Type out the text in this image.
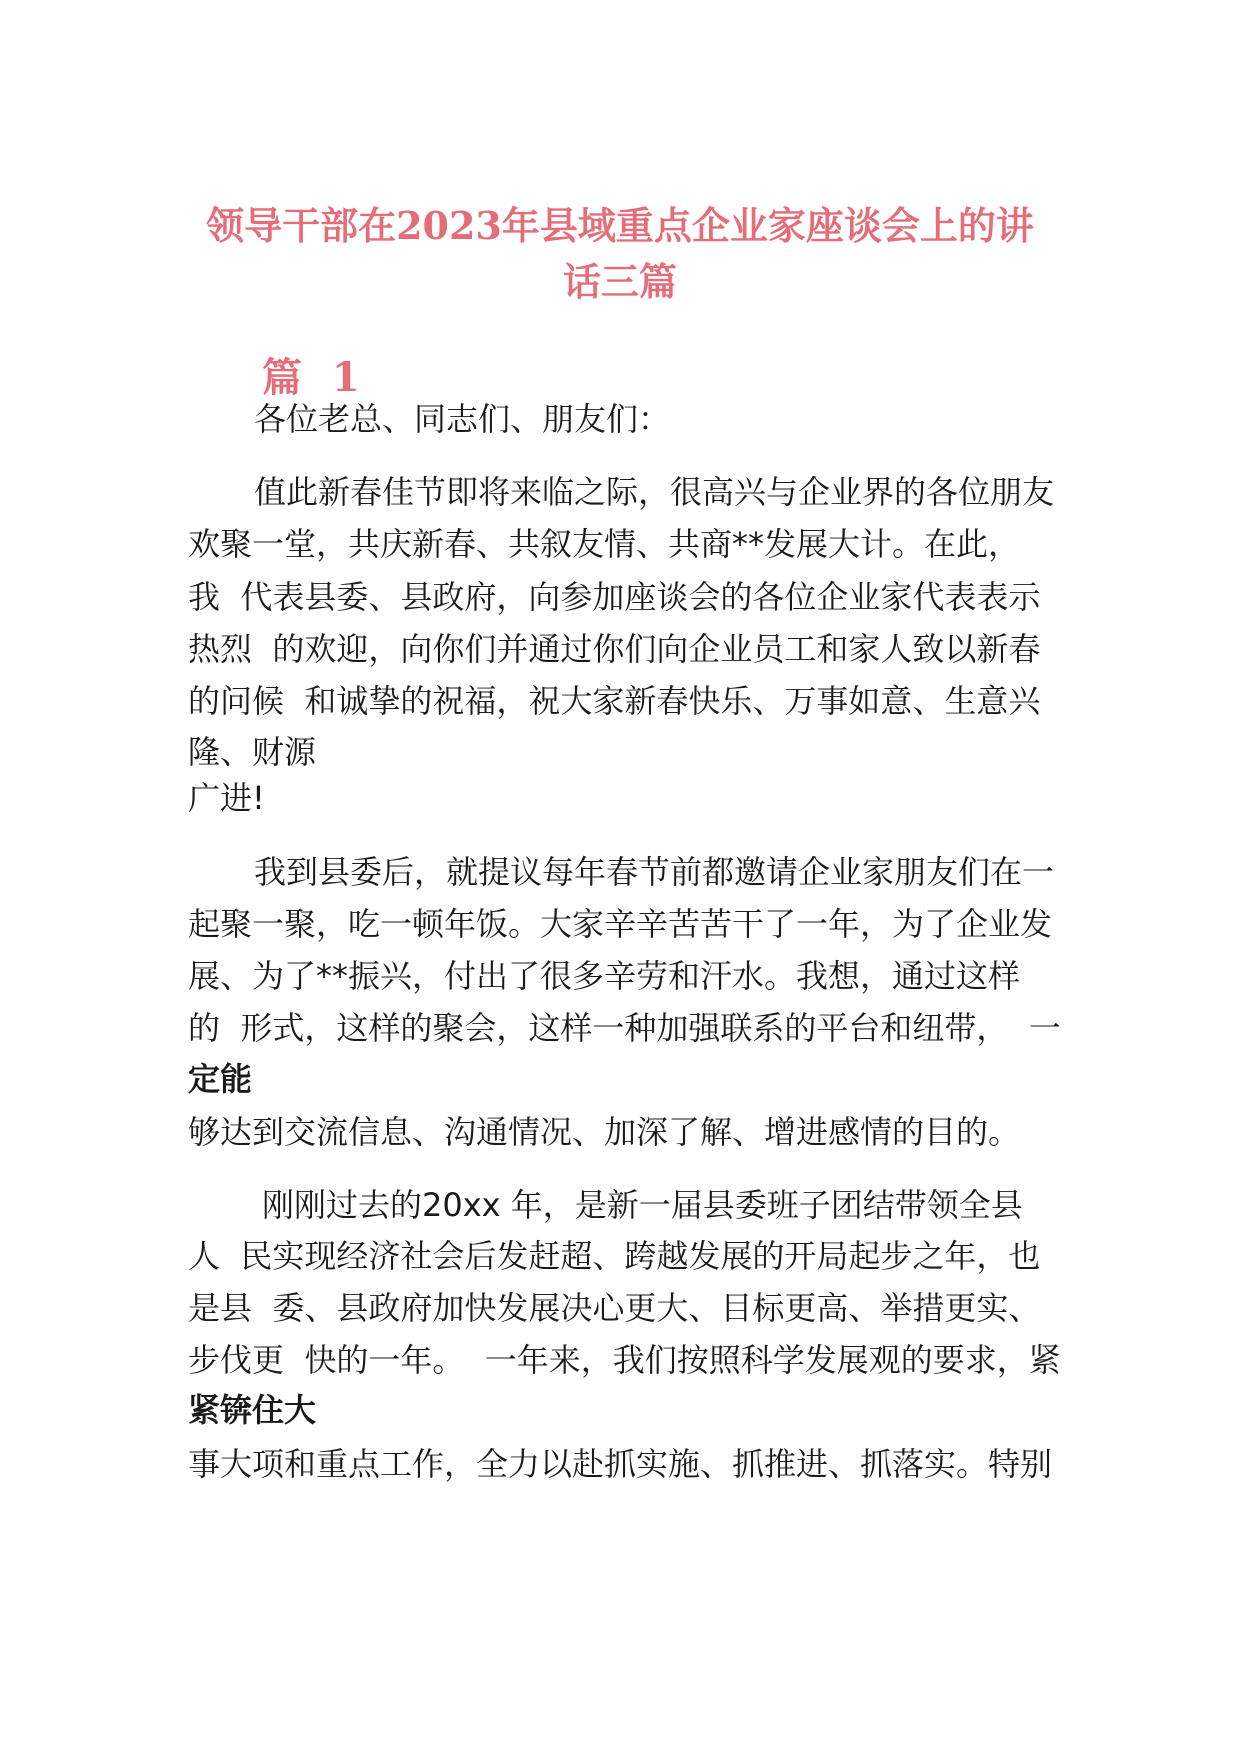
领导干部在2023年县域重点企业家座谈会上的讲
话三篇
篇 1
各位老总、同志们、朋友们：
值此新春佳节即将来临之际，很高兴与企业界的各位朋友
欢聚一堂，共庆新春、共叙友情、共商**发展大计。在此，
我  代表县委、县政府，向参加座谈会的各位企业家代表表示
热烈  的欢迎，向你们并通过你们向企业员工和家人致以新春
的问候  和诚挚的祝福，祝大家新春快乐、万事如意、生意兴
隆、财源
广进!
我到县委后，就提议每年春节前都邀请企业家朋友们在一
起聚一聚，吃一顿年饭。大家辛辛苦苦干了一年，为了企业发
展、为了**振兴，付出了很多辛劳和汗水。我想，通过这样
的  形式，这样的聚会，这样一种加强联系的平台和纽带，  一
定能
够达到交流信息、沟通情况、加深了解、增进感情的目的。
刚刚过去的20xx 年，是新一届县委班子团结带领全县
人  民实现经济社会后发赶超、跨越发展的开局起步之年，也
是县  委、县政府加快发展决心更大、目标更高、举措更实、
步伐更  快的一年。  一年来，我们按照科学发展观的要求，紧
紧锛住大
事大项和重点工作，全力以赴抓实施、抓推进、抓落实。特别
